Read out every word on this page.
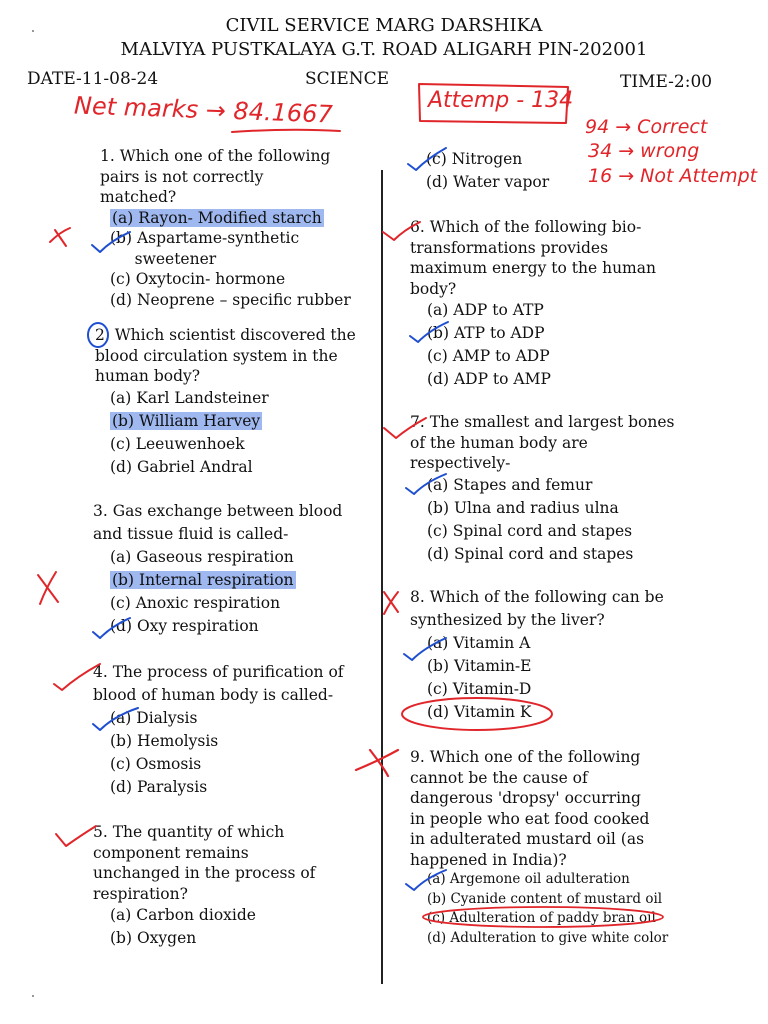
CIVIL SERVICE MARG DARSHIKA
MALVIYA PUSTKALAYA G.T. ROAD ALIGARH PIN-202001
DATE-11-08-24	SCIENCE	TIME-2:00
Net marks → 84.1667	Attemp - 134
94 → Correct
34 → wrong
16 → Not Attempt
1. Which one of the following
pairs is not correctly
matched?
(a) Rayon- Modified starch
(b) Aspartame-synthetic
sweetener
(c) Oxytocin- hormone
(d) Neoprene – specific rubber
2. Which scientist discovered the
blood circulation system in the
human body?
(a) Karl Landsteiner
(b) William Harvey
(c) Leeuwenhoek
(d) Gabriel Andral
3. Gas exchange between blood
and tissue fluid is called-
(a) Gaseous respiration
(b) Internal respiration
(c) Anoxic respiration
(d) Oxy respiration
4. The process of purification of
blood of human body is called-
(a) Dialysis
(b) Hemolysis
(c) Osmosis
(d) Paralysis
5. The quantity of which
component remains
unchanged in the process of
respiration?
(a) Carbon dioxide
(b) Oxygen
(c) Nitrogen
(d) Water vapor
6. Which of the following bio-
transformations provides
maximum energy to the human
body?
(a) ADP to ATP
(b) ATP to ADP
(c) AMP to ADP
(d) ADP to AMP
7. The smallest and largest bones
of the human body are
respectively-
(a) Stapes and femur
(b) Ulna and radius ulna
(c) Spinal cord and stapes
(d) Spinal cord and stapes
8. Which of the following can be
synthesized by the liver?
(a) Vitamin A
(b) Vitamin-E
(c) Vitamin-D
(d) Vitamin K
9. Which one of the following
cannot be the cause of
dangerous 'dropsy' occurring
in people who eat food cooked
in adulterated mustard oil (as
happened in India)?
(a) Argemone oil adulteration
(b) Cyanide content of mustard oil
(c) Adulteration of paddy bran oil
(d) Adulteration to give white color
